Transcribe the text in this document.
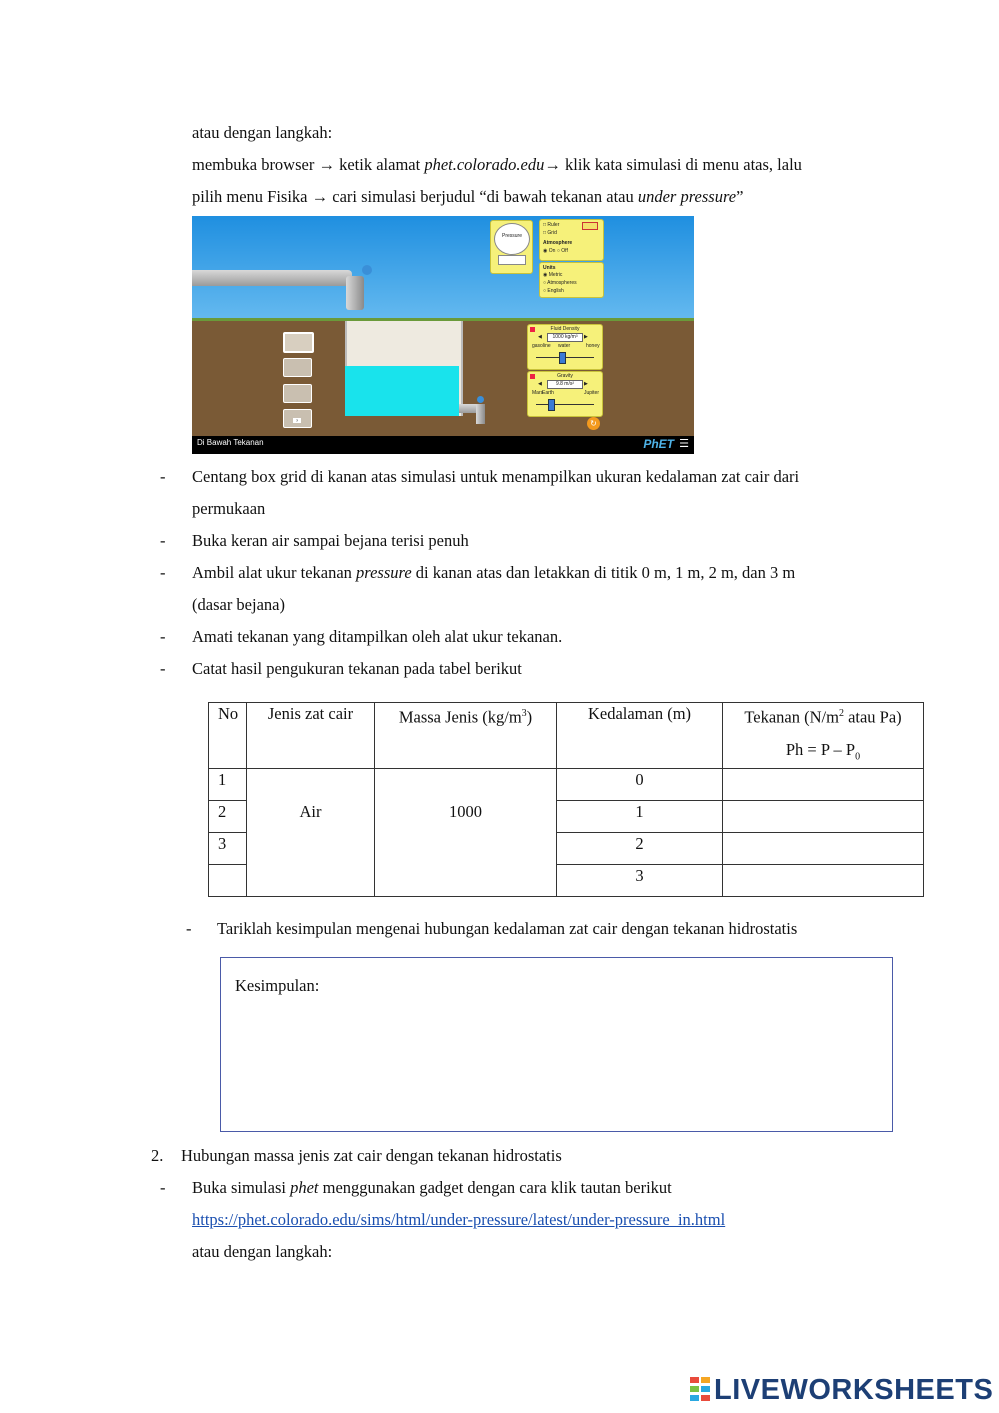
atau dengan langkah:
membuka browser → ketik alamat phet.colorado.edu→ klik kata simulasi di menu atas, lalu
pilih menu Fisika → cari simulasi berjudul “di bawah tekanan atau under pressure”
?
Pressure
□ Ruler
□ Grid
Atmosphere
◉ On ○ Off
Units
◉ Metric
○ Atmospheres
○ English
Fluid Density
◀	1000 kg/m³	▶
gasoline water	honey
Gravity
◀	9.8 m/s²	▶
Mars
Earth	Jupiter
↻
Di Bawah Tekanan	PhET ☰
- Centang box grid di kanan atas simulasi untuk menampilkan ukuran kedalaman zat cair dari
permukaan
- Buka keran air sampai bejana terisi penuh
- Ambil alat ukur tekanan pressure di kanan atas dan letakkan di titik 0 m, 1 m, 2 m, dan 3 m
(dasar bejana)
- Amati tekanan yang ditampilkan oleh alat ukur tekanan.
- Catat hasil pengukuran tekanan pada tabel berikut
No	Jenis zat cair	Massa Jenis $(kg/m^3)$	Kedalaman (m)	Tekanan ($N/m^2$ atau Pa)
$Ph = P - P_0$

1	Air	1000	0	
2			1	
3			2	
			3	
- Tariklah kesimpulan mengenai hubungan kedalaman zat cair dengan tekanan hidrostatis
Kesimpulan:
2. Hubungan massa jenis zat cair dengan tekanan hidrostatis
- Buka simulasi phet menggunakan gadget dengan cara klik tautan berikut
https://phet.colorado.edu/sims/html/under-pressure/latest/under-pressure_in.html
atau dengan langkah:
LIVEWORKSHEETS
